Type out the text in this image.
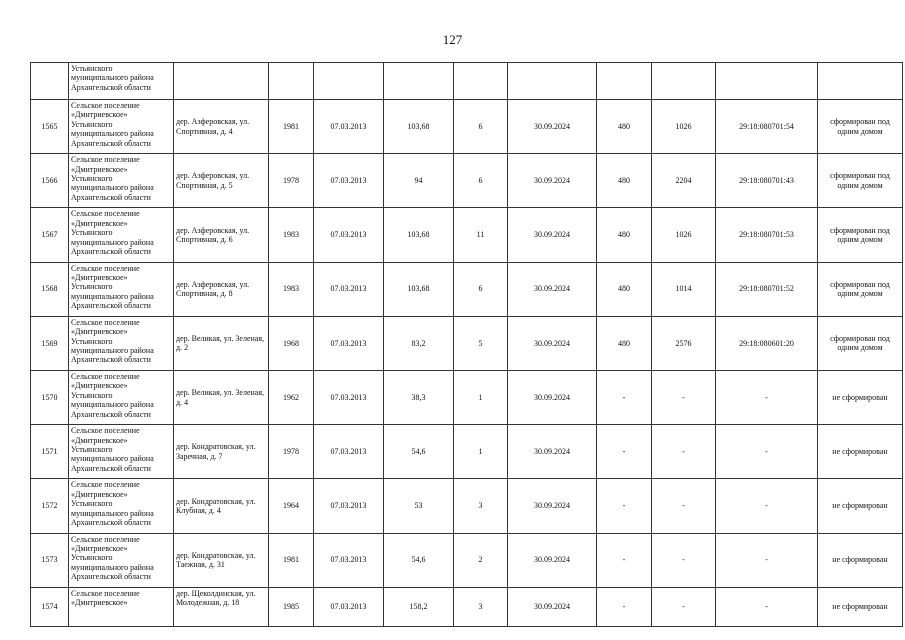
127
	Устьянского муниципального района Архангельской области										
1565	Сельское поселение «Дмитриевское» Устьянского муниципального района Архангельской области	дер. Азферовская, ул. Спортивная, д. 4	1981	07.03.2013	103,68	6	30.09.2024	480	1026	29:18:080701:54	сформирован под одним домом
1566	Сельское поселение «Дмитриевское» Устьянского муниципального района Архангельской области	дер. Азферовская, ул. Спортивная, д. 5	1978	07.03.2013	94	6	30.09.2024	480	2204	29:18:080701:43	сформирован под одним домом
1567	Сельское поселение «Дмитриевское» Устьянского муниципального района Архангельской области	дер. Азферовская, ул. Спортивная, д. 6	1983	07.03.2013	103,68	11	30.09.2024	480	1026	29:18:080701:53	сформирован под одним домом
1568	Сельское поселение «Дмитриевское» Устьянского муниципального района Архангельской области	дер. Азферовская, ул. Спортивная, д. 8	1983	07.03.2013	103,68	6	30.09.2024	480	1014	29:18:080701:52	сформирован под одним домом
1569	Сельское поселение «Дмитриевское» Устьянского муниципального района Архангельской области	дер. Великая, ул. Зеленая, д. 2	1968	07.03.2013	83,2	5	30.09.2024	480	2576	29:18:080601:20	сформирован под одним домом
1570	Сельское поселение «Дмитриевское» Устьянского муниципального района Архангельской области	дер. Великая, ул. Зеленая, д. 4	1962	07.03.2013	38,3	1	30.09.2024	-	-	-	не сформирован
1571	Сельское поселение «Дмитриевское» Устьянского муниципального района Архангельской области	дер. Кондратовская, ул. Заречная, д. 7	1978	07.03.2013	54,6	1	30.09.2024	-	-	-	не сформирован
1572	Сельское поселение «Дмитриевское» Устьянского муниципального района Архангельской области	дер. Кондратовская, ул. Клубная, д. 4	1964	07.03.2013	53	3	30.09.2024	-	-	-	не сформирован
1573	Сельское поселение «Дмитриевское» Устьянского муниципального района Архангельской области	дер. Кондратовская, ул. Таежная, д. 31	1981	07.03.2013	54,6	2	30.09.2024	-	-	-	не сформирован
1574	Сельское поселение «Дмитриевское»	дер. Щеколдинская, ул. Молодежная, д. 18	1985	07.03.2013	158,2	3	30.09.2024	-	-	-	не сформирован
